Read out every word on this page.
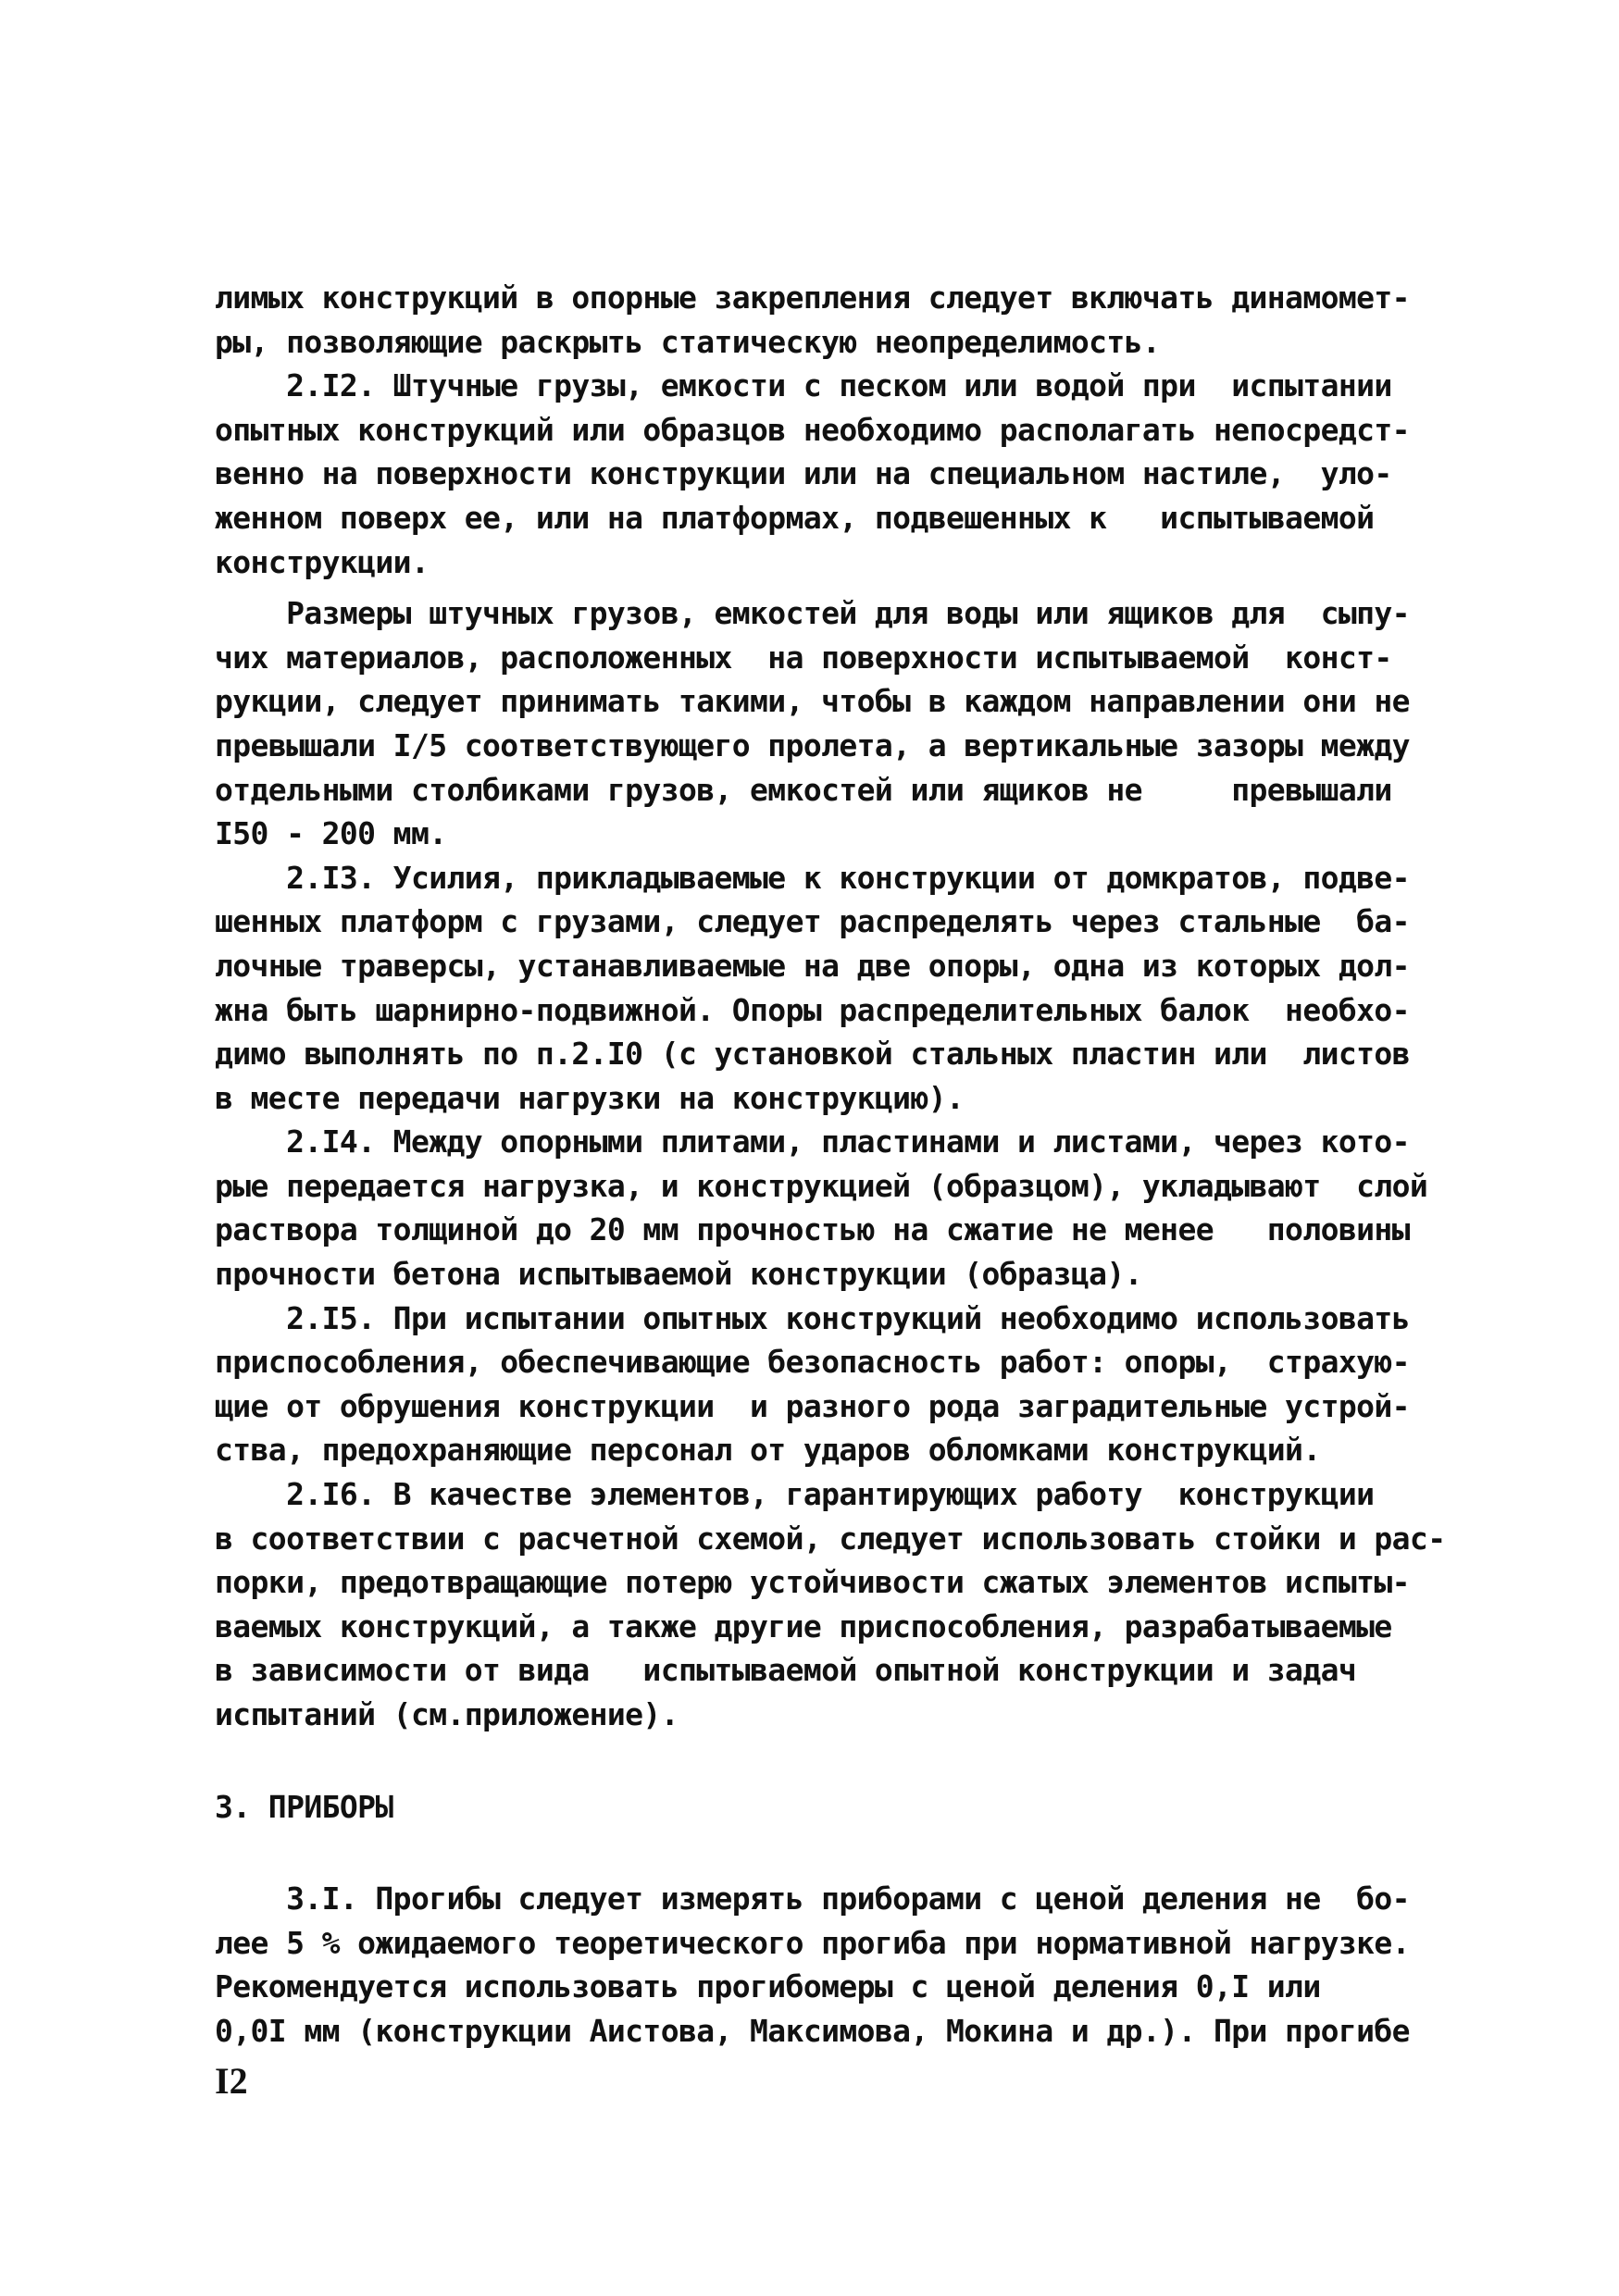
лимых конструкций в опорные закрепления следует включать динамомет-
ры, позволяющие раскрыть статическую неопределимость.
2.I2. Штучные грузы, емкости с песком или водой при  испытании
опытных конструкций или образцов необходимо располагать непосредст-
венно на поверхности конструкции или на специальном настиле,  уло-
женном поверх ее, или на платформах, подвешенных к   испытываемой
конструкции.
Размеры штучных грузов, емкостей для воды или ящиков для  сыпу-
чих материалов, расположенных  на поверхности испытываемой  конст-
рукции, следует принимать такими, чтобы в каждом направлении они не
превышали I/5 соответствующего пролета, а вертикальные зазоры между
отдельными столбиками грузов, емкостей или ящиков не     превышали
I50 - 200 мм.
2.I3. Усилия, прикладываемые к конструкции от домкратов, подве-
шенных платформ с грузами, следует распределять через стальные  ба-
лочные траверсы, устанавливаемые на две опоры, одна из которых дол-
жна быть шарнирно-подвижной. Опоры распределительных балок  необхо-
димо выполнять по п.2.I0 (с установкой стальных пластин или  листов
в месте передачи нагрузки на конструкцию).
2.I4. Между опорными плитами, пластинами и листами, через кото-
рые передается нагрузка, и конструкцией (образцом), укладывают  слой
раствора толщиной до 20 мм прочностью на сжатие не менее   половины
прочности бетона испытываемой конструкции (образца).
2.I5. При испытании опытных конструкций необходимо использовать
приспособления, обеспечивающие безопасность работ: опоры,  страхую-
щие от обрушения конструкции  и разного рода заградительные устрой-
ства, предохраняющие персонал от ударов обломками конструкций.
2.I6. В качестве элементов, гарантирующих работу  конструкции
в соответствии с расчетной схемой, следует использовать стойки и рас-
порки, предотвращающие потерю устойчивости сжатых элементов испыты-
ваемых конструкций, а также другие приспособления, разрабатываемые
в зависимости от вида   испытываемой опытной конструкции и задач
испытаний (см.приложение).
3. ПРИБОРЫ
3.I. Прогибы следует измерять приборами с ценой деления не  бо-
лее 5 % ожидаемого теоретического прогиба при нормативной нагрузке.
Рекомендуется использовать прогибомеры с ценой деления 0,I или
0,0I мм (конструкции Аистова, Максимова, Мокина и др.). При прогибе
I2
